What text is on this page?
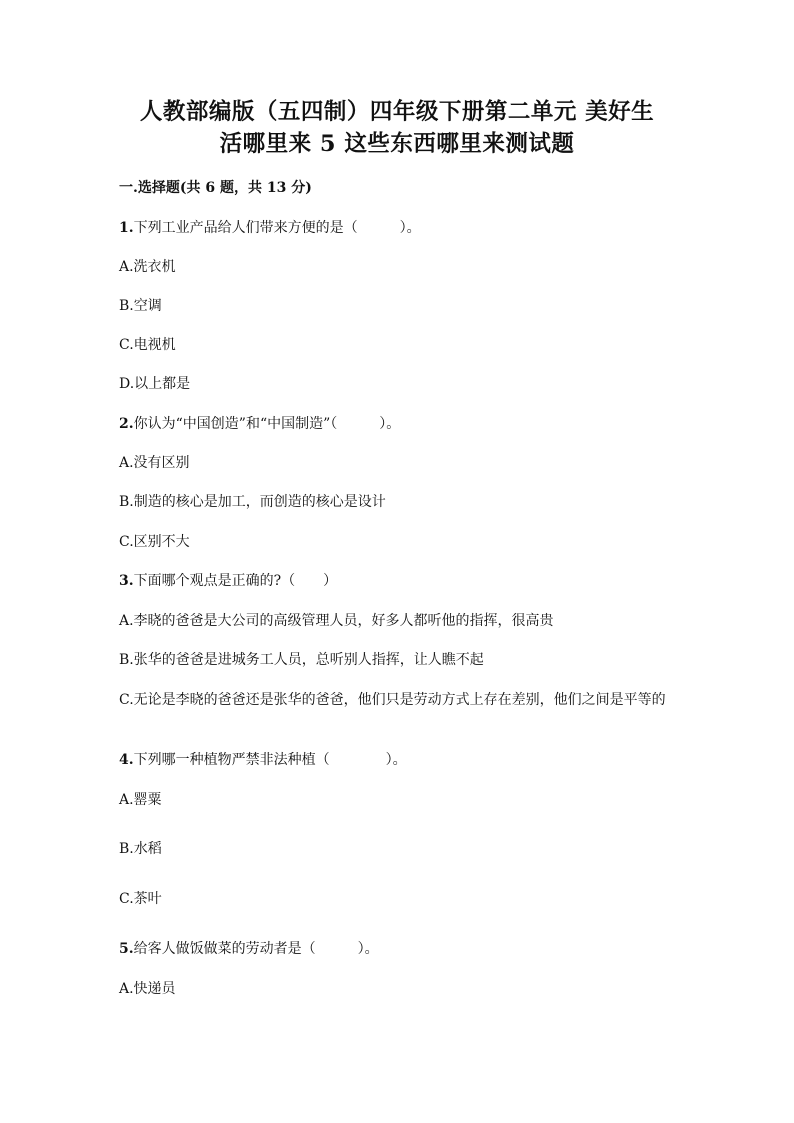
人教部编版（五四制）四年级下册第二单元 美好生
活哪里来 5 这些东西哪里来测试题
一.选择题(共 6 题，共 13 分)
1.下列工业产品给人们带来方便的是（　　　）。
A.洗衣机
B.空调
C.电视机
D.以上都是
2.你认为“中国创造”和“中国制造”（　　　）。
A.没有区别
B.制造的核心是加工，而创造的核心是设计
C.区别不大
3.下面哪个观点是正确的?（　　）
A.李晓的爸爸是大公司的高级管理人员，好多人都听他的指挥，很高贵
B.张华的爸爸是进城务工人员，总听别人指挥，让人瞧不起
C.无论是李晓的爸爸还是张华的爸爸，他们只是劳动方式上存在差别，他们之间是平等的
4.下列哪一种植物严禁非法种植（　　　　）。
A.罂粟
B.水稻
C.茶叶
5.给客人做饭做菜的劳动者是（　　　）。
A.快递员
